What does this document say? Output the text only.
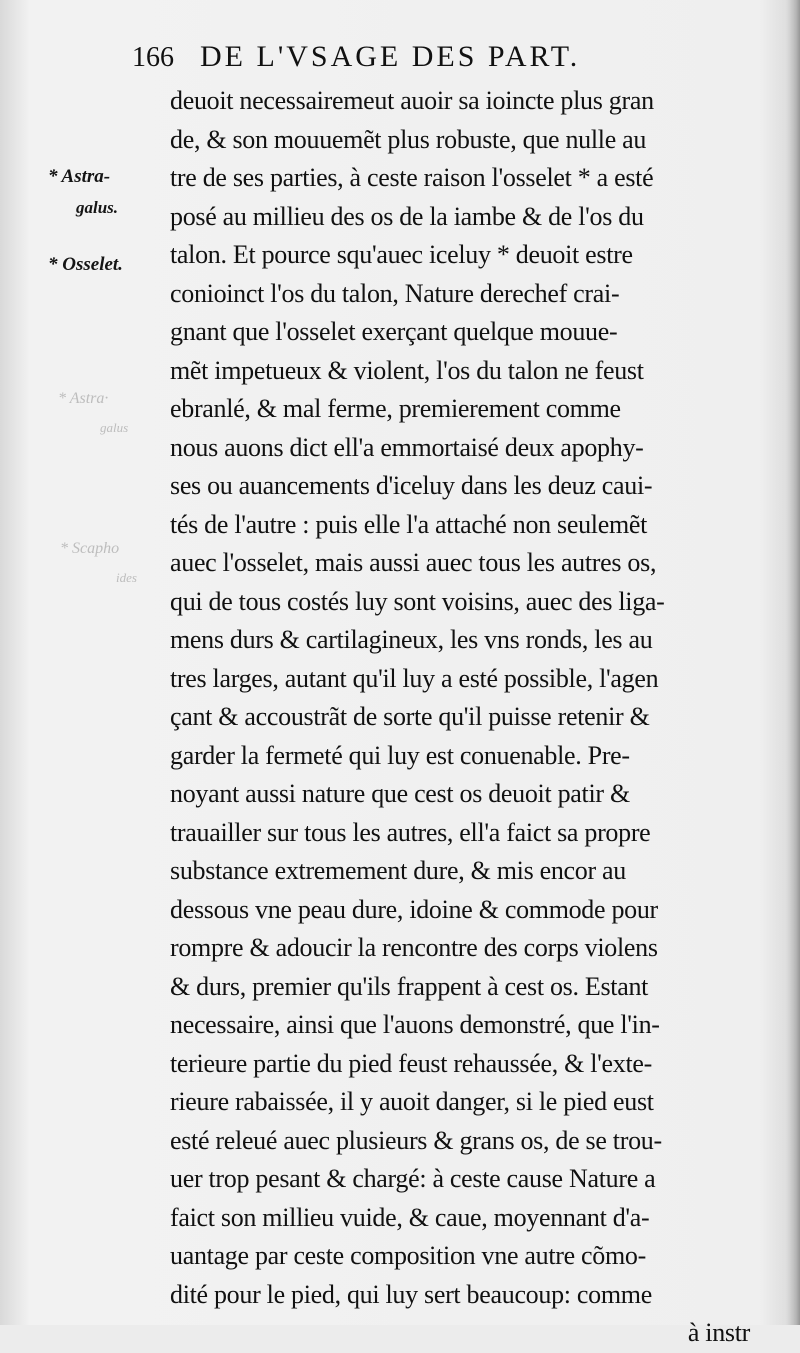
166 DE L'VSAGE DES PART.
* Astra-
galus.
* Osselet.
* Astra·
galus
* Scapho
ides
deuoit necessairemeut auoir sa ioincte plus gran
de, & son mouuemẽt plus robuste, que nulle au
tre de ses parties, à ceste raison l'osselet * a esté
posé au millieu des os de la iambe & de l'os du
talon. Et pource squ'auec iceluy * deuoit estre
conioinct l'os du talon, Nature derechef crai-
gnant que l'osselet exerçant quelque mouue-
mẽt impetueux & violent, l'os du talon ne feust
ebranlé, & mal ferme, premierement comme
nous auons dict ell'a emmortaisé deux apophy-
ses ou auancements d'iceluy dans les deuz caui-
tés de l'autre : puis elle l'a attaché non seulemẽt
auec l'osselet, mais aussi auec tous les autres os,
qui de tous costés luy sont voisins, auec des liga-
mens durs & cartilagineux, les vns ronds, les au
tres larges, autant qu'il luy a esté possible, l'agen
çant & accoustrãt de sorte qu'il puisse retenir &
garder la fermeté qui luy est conuenable. Pre-
noyant aussi nature que cest os deuoit patir &
trauailler sur tous les autres, ell'a faict sa propre
substance extremement dure, & mis encor au
dessous vne peau dure, idoine & commode pour
rompre & adoucir la rencontre des corps violens
& durs, premier qu'ils frappent à cest os. Estant
necessaire, ainsi que l'auons demonstré, que l'in-
terieure partie du pied feust rehaussée, & l'exte-
rieure rabaissée, il y auoit danger, si le pied eust
esté releué auec plusieurs & grans os, de se trou-
uer trop pesant & chargé: à ceste cause Nature a
faict son millieu vuide, & caue, moyennant d'a-
uantage par ceste composition vne autre cõmo-
dité pour le pied, qui luy sert beaucoup: comme
à instr
